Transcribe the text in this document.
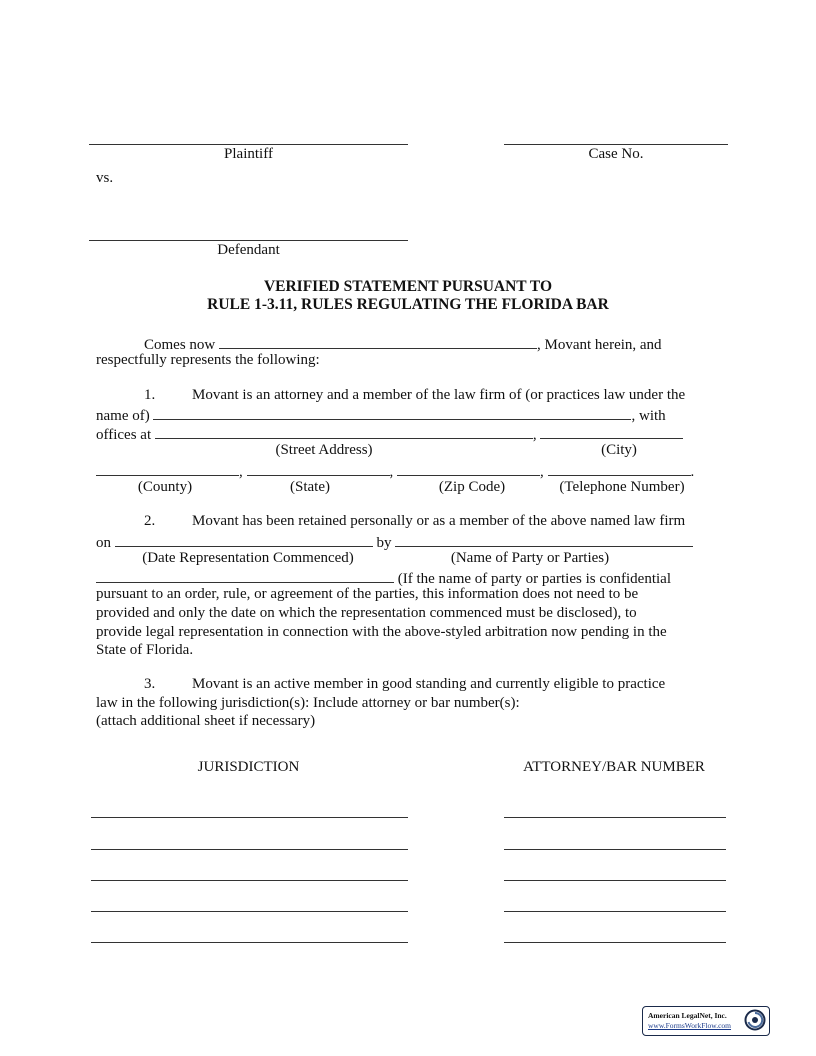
Plaintiff	Case No.
vs.
Defendant
VERIFIED STATEMENT PURSUANT TO
RULE 1-3.11, RULES REGULATING THE FLORIDA BAR
Comes now	, Movant herein, and
respectfully represents the following:
1. Movant is an attorney and a member of the law firm of (or practices law under the
name of)	, with
offices at	,
(Street Address)	(City)
,	,	,	.
(County)	(State)	(Zip Code)	(Telephone Number)
2. Movant has been retained personally or as a member of the above named law firm
on	by
(Date Representation Commenced)	(Name of Party or Parties)
(If the name of party or parties is confidential
pursuant to an order, rule, or agreement of the parties, this information does not need to be
provided and only the date on which the representation commenced must be disclosed), to
provide legal representation in connection with the above-styled arbitration now pending in the
State of Florida.
3. Movant is an active member in good standing and currently eligible to practice
law in the following jurisdiction(s): Include attorney or bar number(s):
(attach additional sheet if necessary)
JURISDICTION	ATTORNEY/BAR NUMBER
American LegalNet, Inc.
www.FormsWorkFlow.com
